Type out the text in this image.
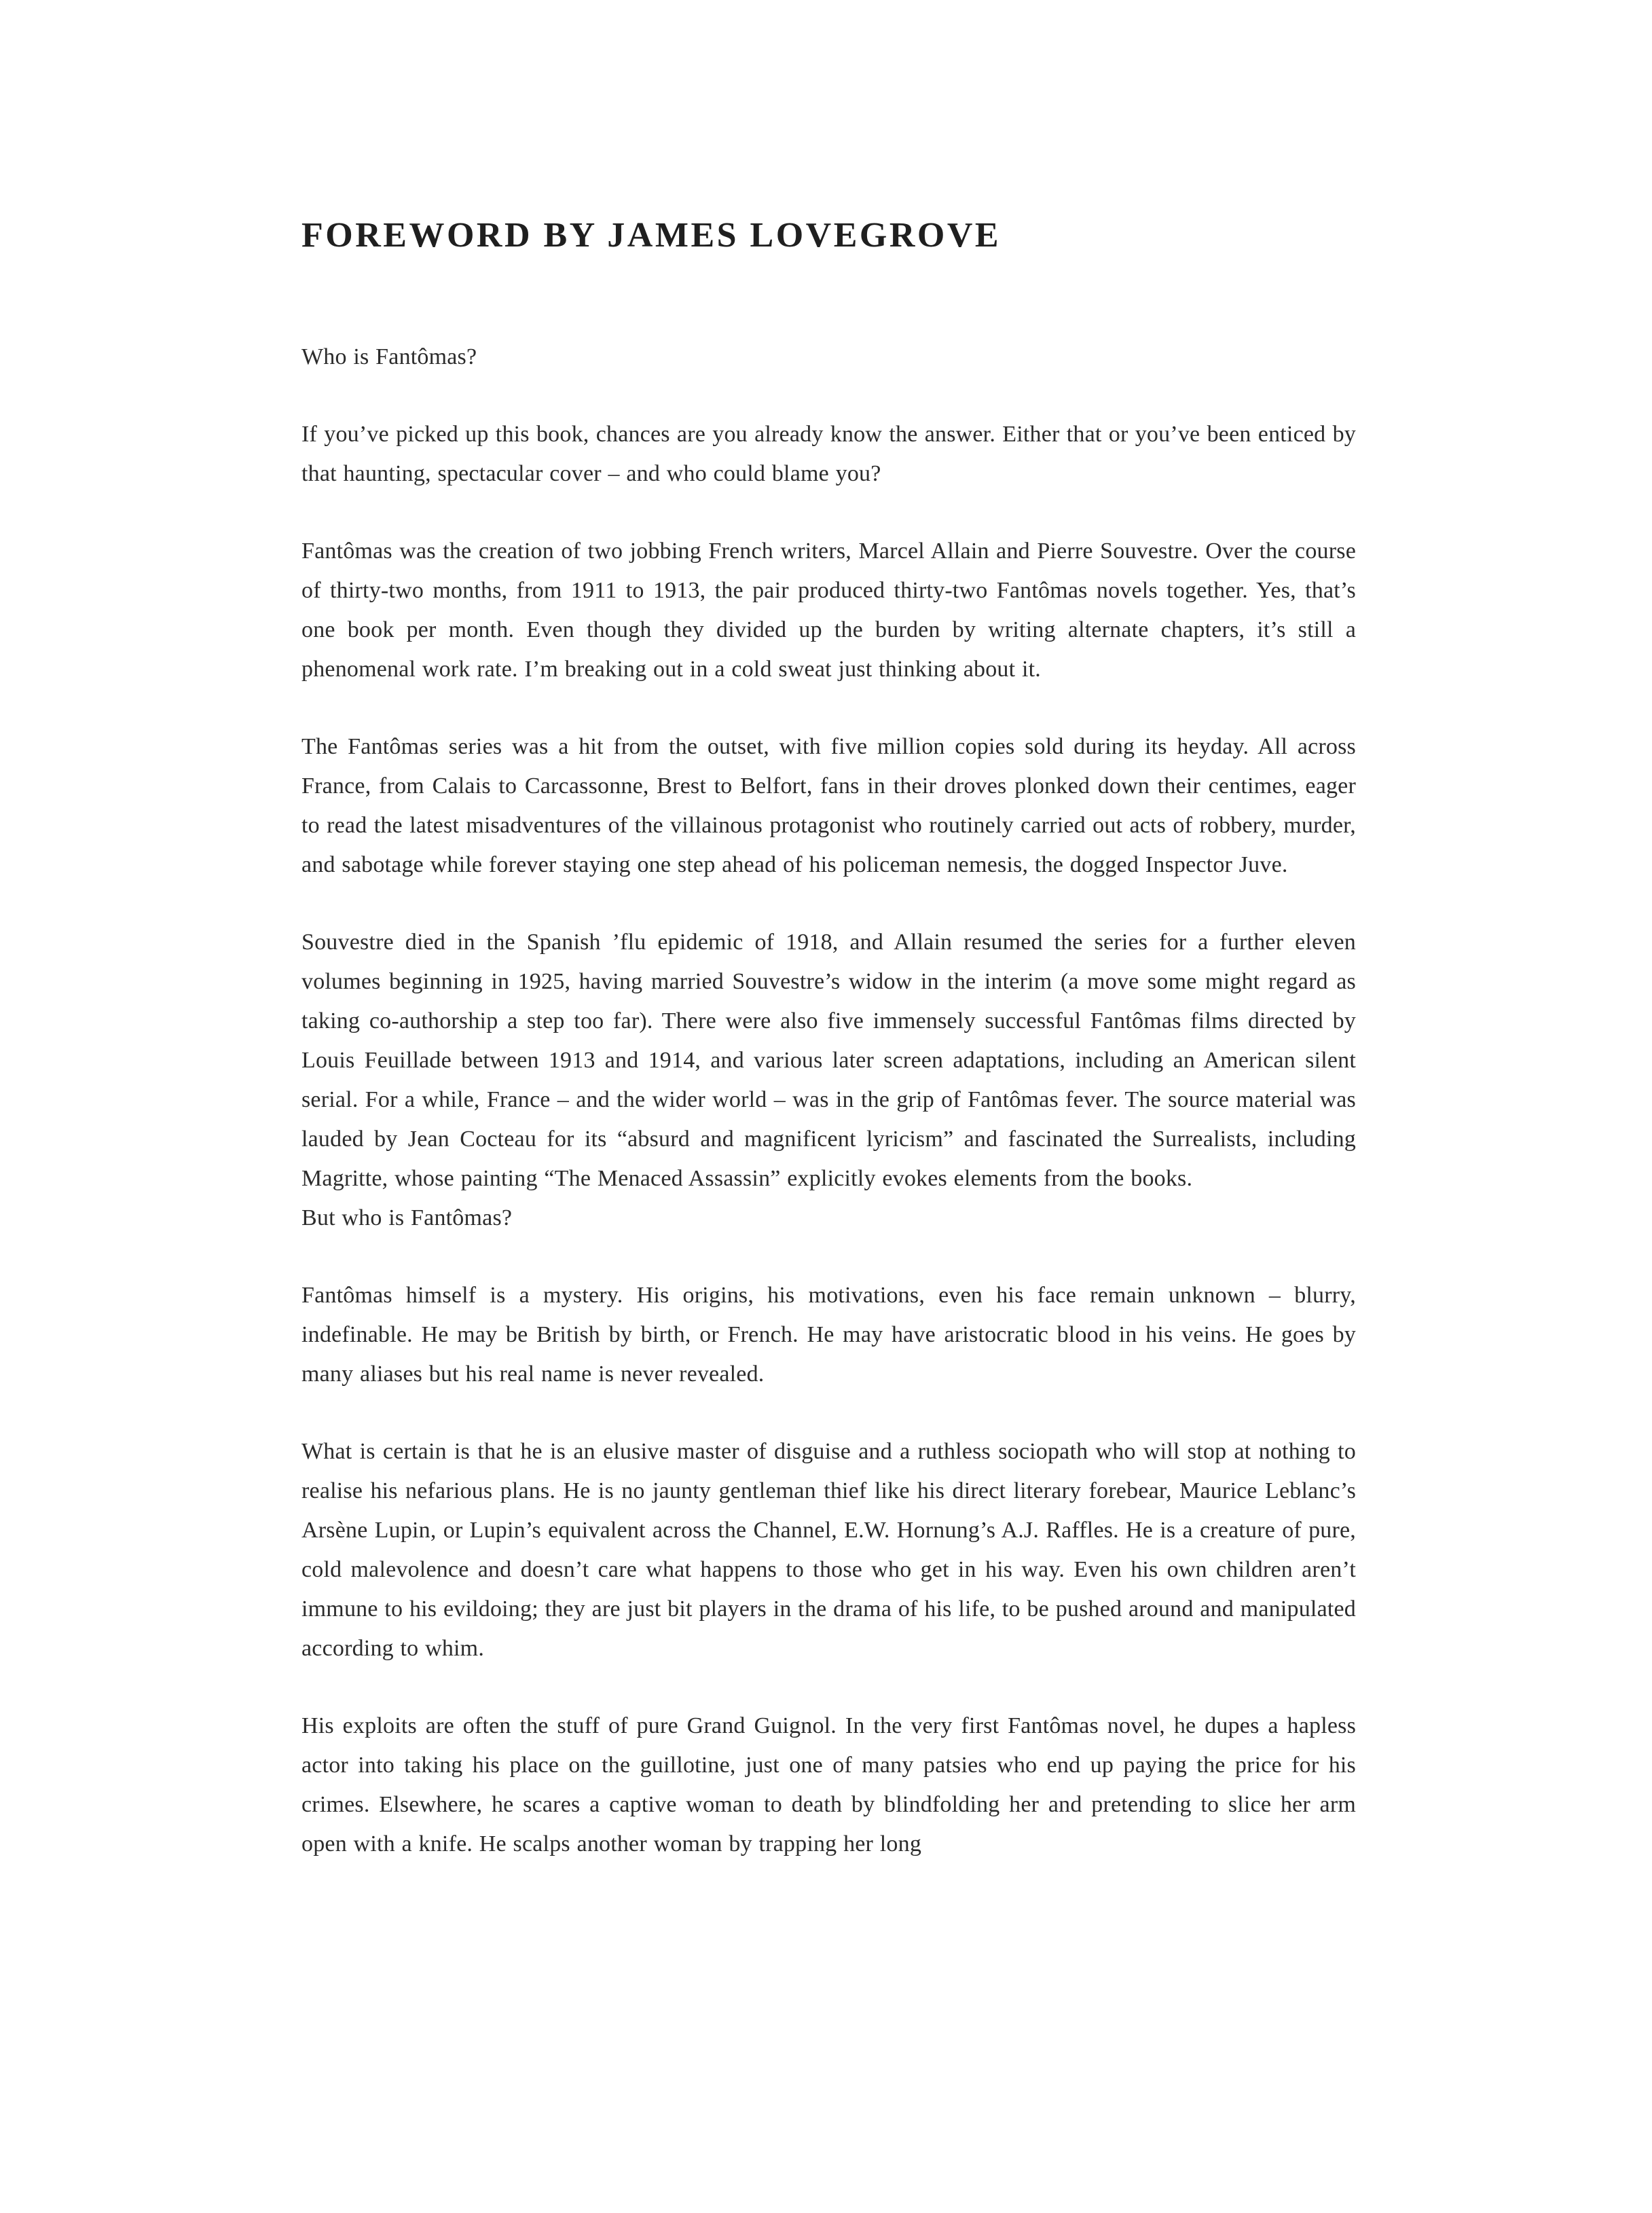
FOREWORD BY JAMES LOVEGROVE

Who is Fantômas?

If you’ve picked up this book, chances are you already know the answer. Either that or you’ve been enticed by that haunting, spectacular cover – and who could blame you?

Fantômas was the creation of two jobbing French writers, Marcel Allain and Pierre Souvestre. Over the course of thirty-two months, from 1911 to 1913, the pair produced thirty-two Fantômas novels together. Yes, that’s one book per month. Even though they divided up the burden by writing alternate chapters, it’s still a phenomenal work rate. I’m breaking out in a cold sweat just thinking about it.

The Fantômas series was a hit from the outset, with five million copies sold during its heyday. All across France, from Calais to Carcassonne, Brest to Belfort, fans in their droves plonked down their centimes, eager to read the latest misadventures of the villainous protagonist who routinely carried out acts of robbery, murder, and sabotage while forever staying one step ahead of his policeman nemesis, the dogged Inspector Juve.

Souvestre died in the Spanish ’flu epidemic of 1918, and Allain resumed the series for a further eleven volumes beginning in 1925, having married Souvestre’s widow in the interim (a move some might regard as taking co-authorship a step too far). There were also five immensely successful Fantômas films directed by Louis Feuillade between 1913 and 1914, and various later screen adaptations, including an American silent serial. For a while, France – and the wider world – was in the grip of Fantômas fever. The source material was lauded by Jean Cocteau for its “absurd and magnificent lyricism” and fascinated the Surrealists, including Magritte, whose painting “The Menaced Assassin” explicitly evokes elements from the books.

But who is Fantômas?

Fantômas himself is a mystery. His origins, his motivations, even his face remain unknown – blurry, indefinable. He may be British by birth, or French. He may have aristocratic blood in his veins. He goes by many aliases but his real name is never revealed.

What is certain is that he is an elusive master of disguise and a ruthless sociopath who will stop at nothing to realise his nefarious plans. He is no jaunty gentleman thief like his direct literary forebear, Maurice Leblanc’s Arsène Lupin, or Lupin’s equivalent across the Channel, E.W. Hornung’s A.J. Raffles. He is a creature of pure, cold malevolence and doesn’t care what happens to those who get in his way. Even his own children aren’t immune to his evildoing; they are just bit players in the drama of his life, to be pushed around and manipulated according to whim.

His exploits are often the stuff of pure Grand Guignol. In the very first Fantômas novel, he dupes a hapless actor into taking his place on the guillotine, just one of many patsies who end up paying the price for his crimes. Elsewhere, he scares a captive woman to death by blindfolding her and pretending to slice her arm open with a knife. He scalps another woman by trapping her long
